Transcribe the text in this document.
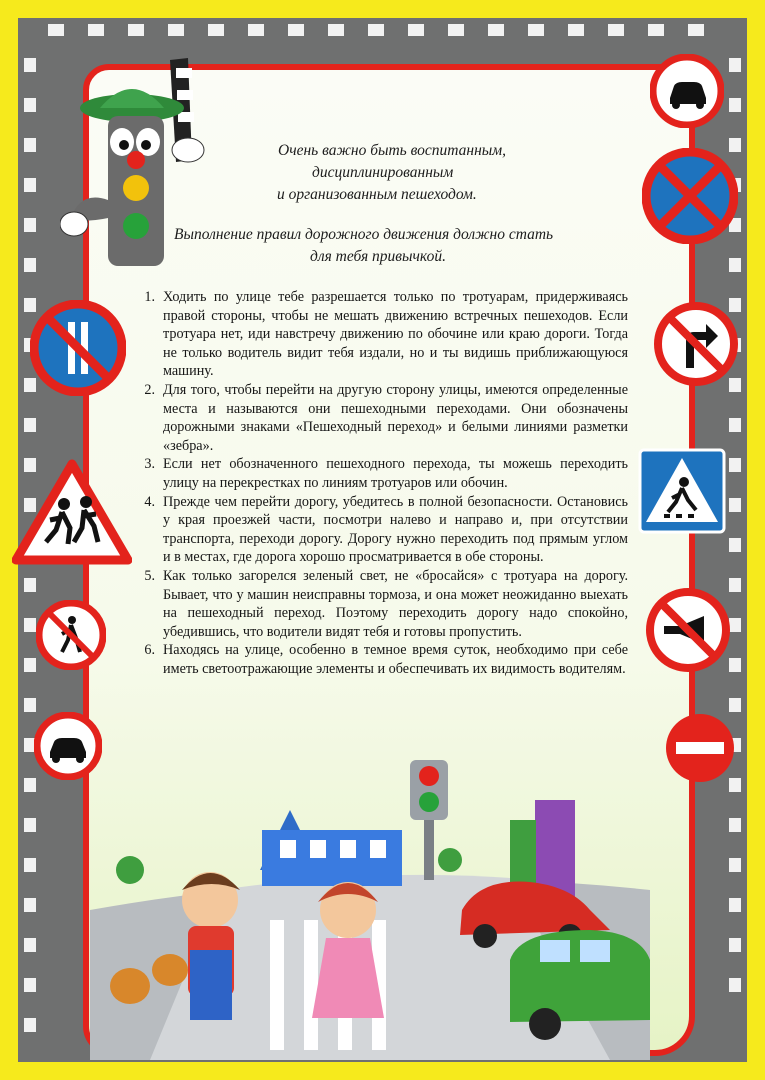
Очень важно быть воспитанным,
дисциплинированным
и организованным пешеходом.
Выполнение правил дорожного движения должно стать
для тебя привычкой.
1. Ходить по улице тебе разрешается только по тротуарам, придерживаясь правой стороны, чтобы не мешать движению встречных пешеходов. Если тротуара нет, иди навстречу движению по обочине или краю дороги. Тогда не только водитель видит тебя издали, но и ты видишь приближающуюся машину.
2. Для того, чтобы перейти на другую сторону улицы, имеются определенные места и называются они пешеходными переходами. Они обозначены дорожными знаками «Пешеходный переход» и белыми линиями разметки «зебра».
3. Если нет обозначенного пешеходного перехода, ты можешь переходить улицу на перекрестках по линиям тротуаров или обочин.
4. Прежде чем перейти дорогу, убедитесь в полной безопасности. Остановись у края проезжей части, посмотри налево и направо и, при отсутствии транспорта, переходи дорогу. Дорогу нужно переходить под прямым углом и в местах, где дорога хорошо просматривается в обе стороны.
5. Как только загорелся зеленый свет, не «бросайся» с тротуара на дорогу. Бывает, что у машин неисправны тормоза, и она может неожиданно выехать на пешеходный переход. Поэтому переходить дорогу надо спокойно, убедившись, что водители видят тебя и готовы пропустить.
6. Находясь на улице, особенно в темное время суток, необходимо при себе иметь светоотражающие элементы и обеспечивать их видимость водителям.
